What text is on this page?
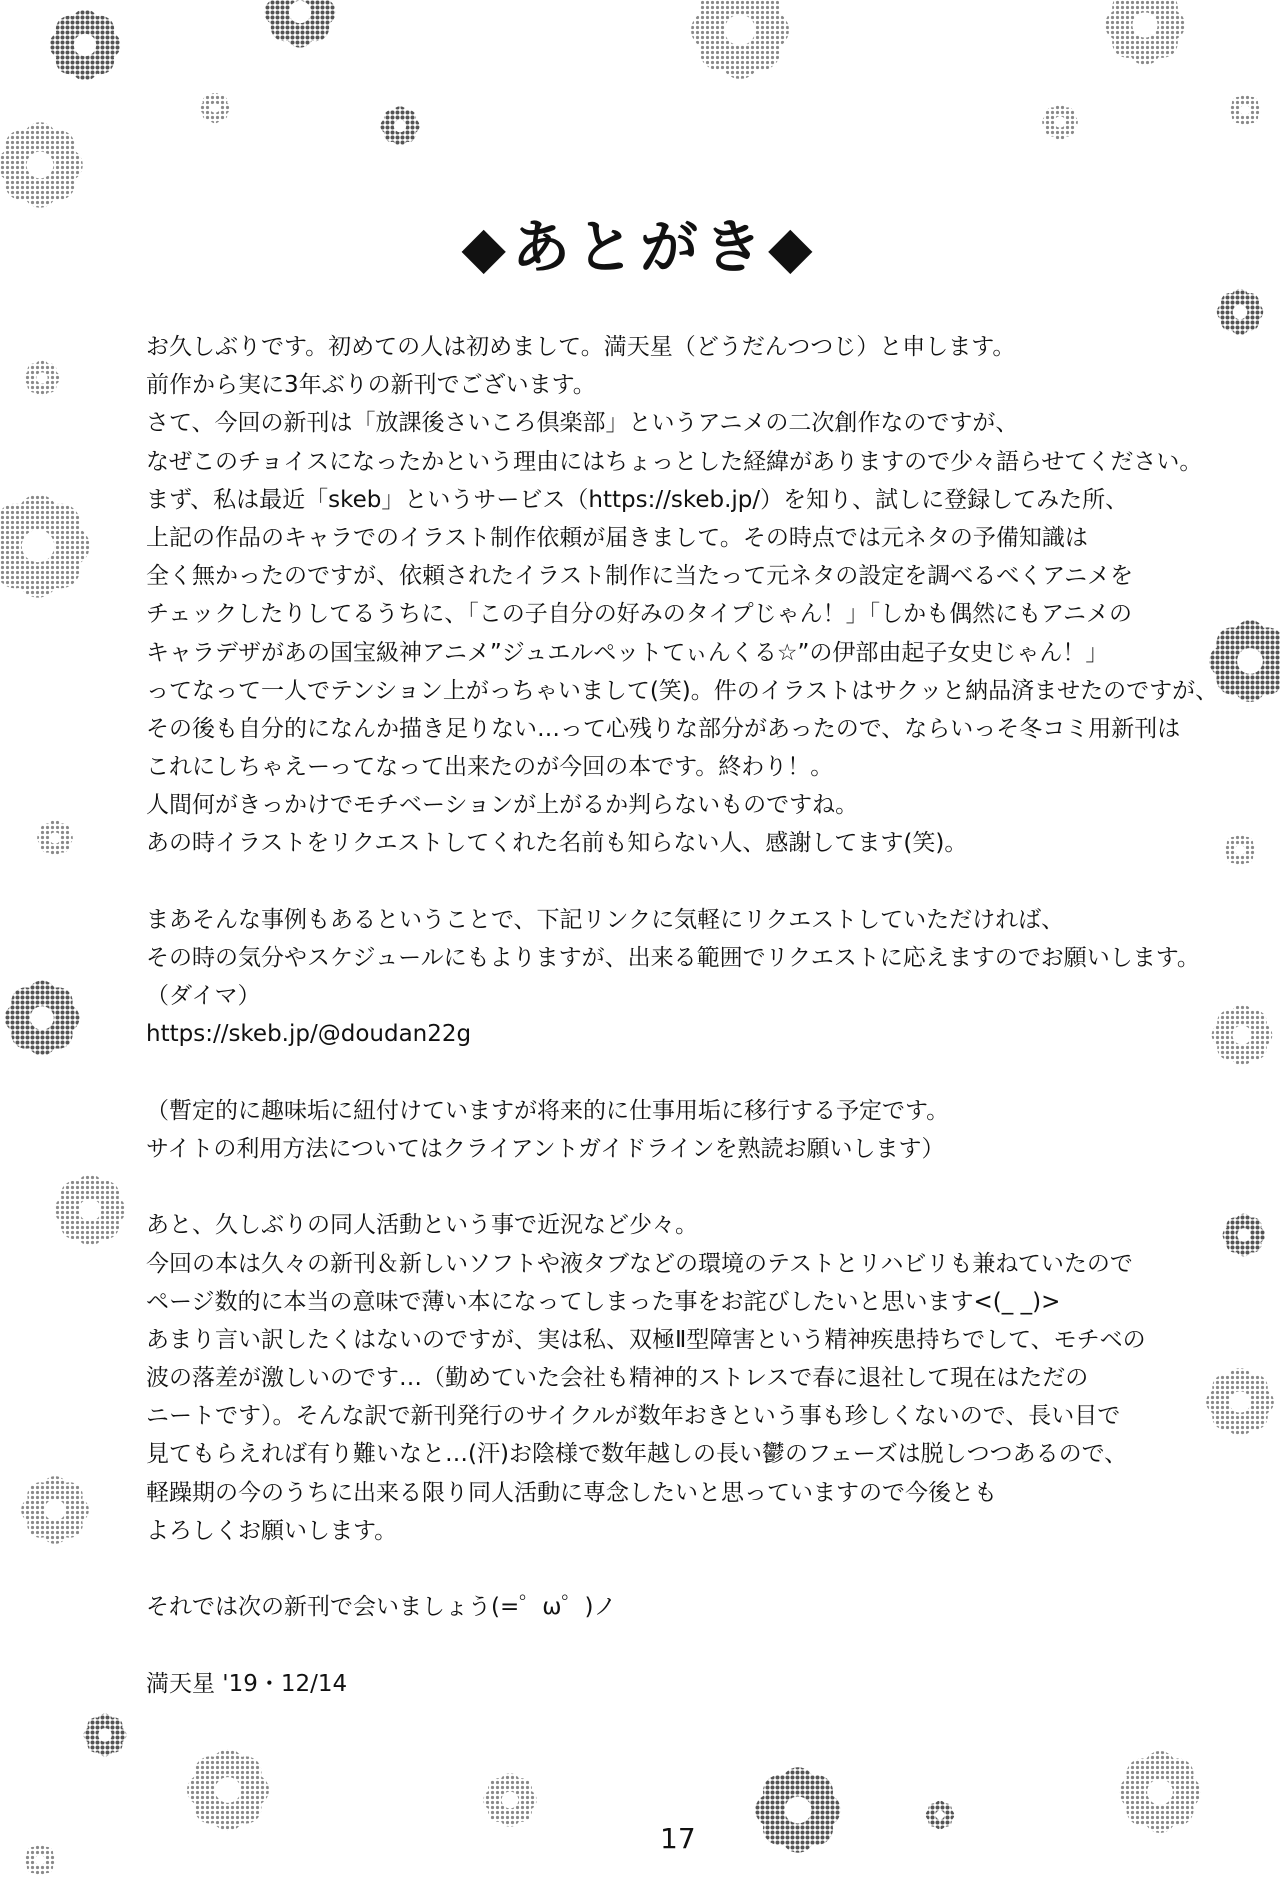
◆あとがき◆
お久しぶりです。初めての人は初めまして。満天星（どうだんつつじ）と申します。
前作から実に3年ぶりの新刊でございます。
さて、今回の新刊は「放課後さいころ倶楽部」というアニメの二次創作なのですが、
なぜこのチョイスになったかという理由にはちょっとした経緯がありますので少々語らせてください。
まず、私は最近「skeb」というサービス（https://skeb.jp/）を知り、試しに登録してみた所、
上記の作品のキャラでのイラスト制作依頼が届きまして。その時点では元ネタの予備知識は
全く無かったのですが、依頼されたイラスト制作に当たって元ネタの設定を調べるべくアニメを
チェックしたりしてるうちに、「この子自分の好みのタイプじゃん！」「しかも偶然にもアニメの
キャラデザがあの国宝級神アニメ”ジュエルペットてぃんくる☆”の伊部由起子女史じゃん！」
ってなって一人でテンション上がっちゃいまして(笑)。件のイラストはサクッと納品済ませたのですが、
その後も自分的になんか描き足りない…って心残りな部分があったので、ならいっそ冬コミ用新刊は
これにしちゃえーってなって出来たのが今回の本です。終わり！。
人間何がきっかけでモチベーションが上がるか判らないものですね。
あの時イラストをリクエストしてくれた名前も知らない人、感謝してます(笑)。
まあそんな事例もあるということで、下記リンクに気軽にリクエストしていただければ、
その時の気分やスケジュールにもよりますが、出来る範囲でリクエストに応えますのでお願いします。
（ダイマ）
https://skeb.jp/@doudan22g
（暫定的に趣味垢に紐付けていますが将来的に仕事用垢に移行する予定です。
サイトの利用方法についてはクライアントガイドラインを熟読お願いします）
あと、久しぶりの同人活動という事で近況など少々。
今回の本は久々の新刊＆新しいソフトや液タブなどの環境のテストとリハビリも兼ねていたので
ページ数的に本当の意味で薄い本になってしまった事をお詫びしたいと思います<(_ _)>
あまり言い訳したくはないのですが、実は私、双極Ⅱ型障害という精神疾患持ちでして、モチベの
波の落差が激しいのです…（勤めていた会社も精神的ストレスで春に退社して現在はただの
ニートです）。そんな訳で新刊発行のサイクルが数年おきという事も珍しくないので、長い目で
見てもらえれば有り難いなと…(汗)お陰様で数年越しの長い鬱のフェーズは脱しつつあるので、
軽躁期の今のうちに出来る限り同人活動に専念したいと思っていますので今後とも
よろしくお願いします。
それでは次の新刊で会いましょう(=゜ω゜)ノ
満天星 '19・12/14
17
